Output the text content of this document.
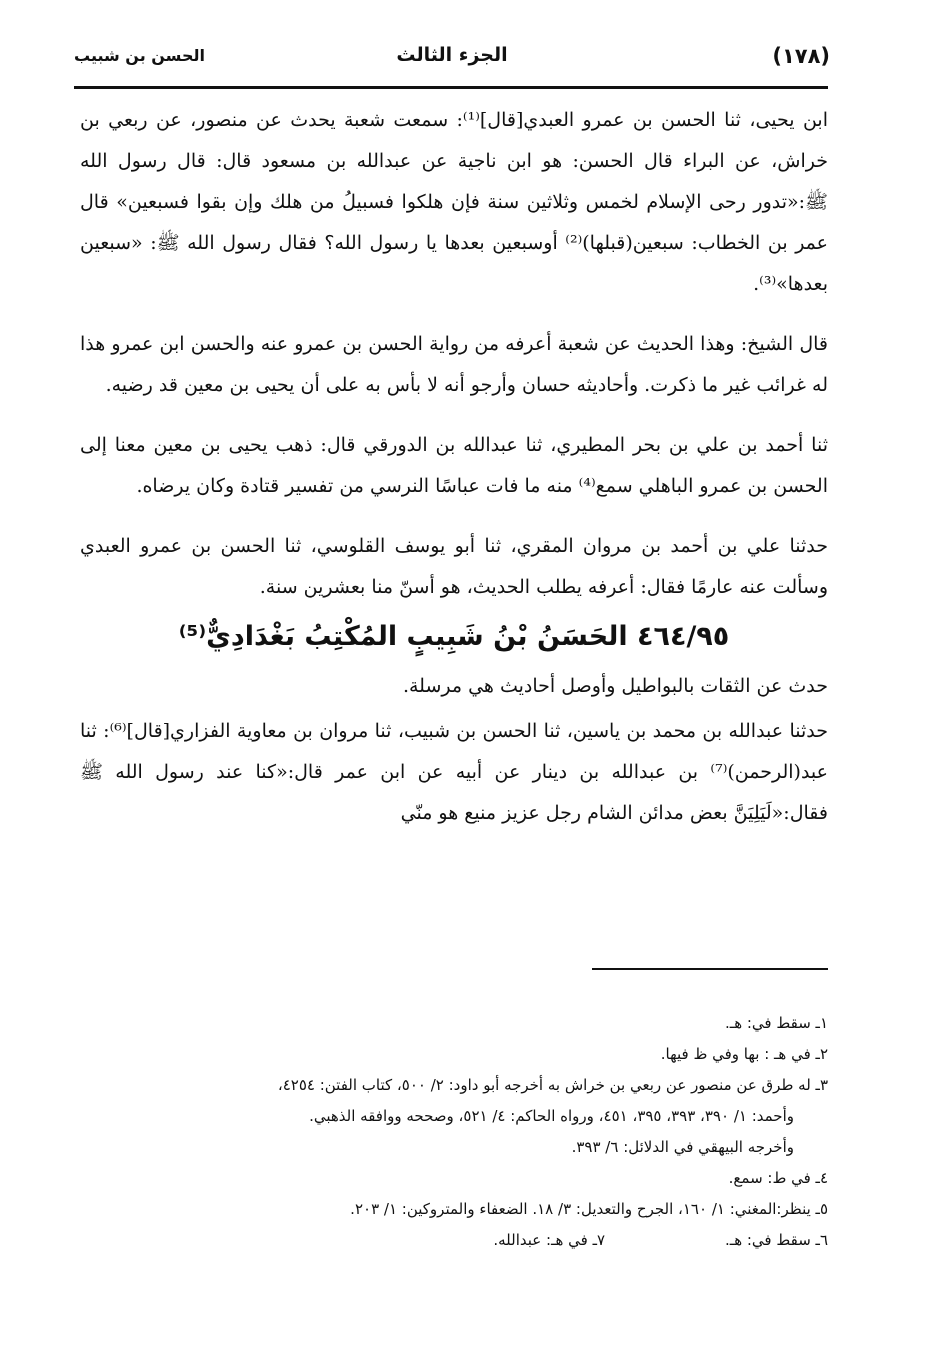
(١٧٨)
الجزء الثالث
الحسن بن شبيب

ابن يحيى، ثنا الحسن بن عمرو العبدي[قال]⁽¹⁾: سمعت شعبة يحدث عن منصور، عن ربعي بن خراش، عن البراء قال الحسن: هو ابن ناجية عن عبدالله بن مسعود قال: قال رسول الله ﷺ:«تدور رحى الإسلام لخمس وثلاثين سنة فإن هلكوا فسبيلُ من هلك وإن بقوا فسبعين» قال عمر بن الخطاب: سبعين(قبلها)⁽²⁾ أوسبعين بعدها يا رسول الله؟ فقال رسول الله ﷺ: «سبعين بعدها»⁽³⁾.

قال الشيخ: وهذا الحديث عن شعبة أعرفه من رواية الحسن بن عمرو عنه والحسن ابن عمرو هذا له غرائب غير ما ذكرت. وأحاديثه حسان وأرجو أنه لا بأس به على أن يحيى بن معين قد رضيه.

ثنا أحمد بن علي بن بحر المطيري، ثنا عبدالله بن الدورقي قال: ذهب يحيى بن معين معنا إلى الحسن بن عمرو الباهلي سمع⁽⁴⁾ منه ما فات عباسًا النرسي من تفسير قتادة وكان يرضاه.

حدثنا علي بن أحمد بن مروان المقري، ثنا أبو يوسف القلوسي، ثنا الحسن بن عمرو العبدي وسألت عنه عارمًا فقال: أعرفه يطلب الحديث، هو أسنّ منا بعشرين سنة.

٤٦٤/٩٥ الحَسَنُ بْنُ شَبِيبٍ المُكْتِبُ بَغْدَادِيٌّ⁽⁵⁾

حدث عن الثقات بالبواطيل وأوصل أحاديث هي مرسلة.

حدثنا عبدالله بن محمد بن ياسين، ثنا الحسن بن شبيب، ثنا مروان بن معاوية الفزاري[قال]⁽⁶⁾: ثنا عبد(الرحمن)⁽⁷⁾ بن عبدالله بن دينار عن أبيه عن ابن عمر قال:«كنا عند رسول الله ﷺ فقال:«لَيَلِيَنَّ بعض مدائن الشام رجل عزيز منيع هو منّي

١ـ سقط في: هـ.
٢ـ في هـ : بها وفي ظ فيها.
٣ـ له طرق عن منصور عن ربعي بن خراش به أخرجه أبو داود: ٢/ ٥٠٠، كتاب الفتن: ٤٢٥٤،
وأحمد: ١/ ٣٩٠، ٣٩٣، ٣٩٥، ٤٥١، ورواه الحاكم: ٤/ ٥٢١، وصححه ووافقه الذهبي.
وأخرجه البيهقي في الدلائل: ٦/ ٣٩٣.
٤ـ في ط: سمع.
٥ـ ينظر:المغني: ١/ ١٦٠، الجرح والتعديل: ٣/ ١٨. الضعفاء والمتروكين: ١/ ٢٠٣.
٦ـ سقط في: هـ.
٧ـ في هـ: عبدالله.
